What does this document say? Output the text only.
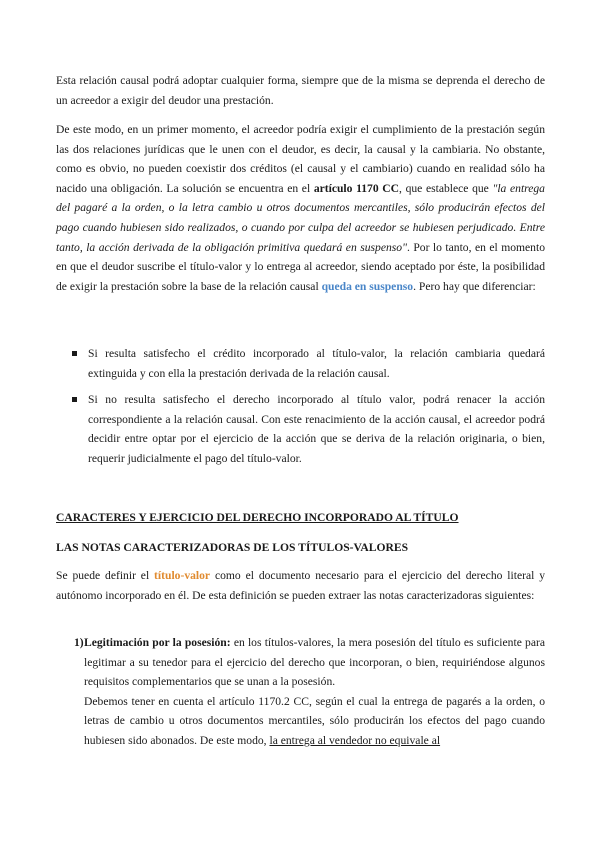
Esta relación causal podrá adoptar cualquier forma, siempre que de la misma se deprenda el derecho de un acreedor a exigir del deudor una prestación.

De este modo, en un primer momento, el acreedor podría exigir el cumplimiento de la prestación según las dos relaciones jurídicas que le unen con el deudor, es decir, la causal y la cambiaria. No obstante, como es obvio, no pueden coexistir dos créditos (el causal y el cambiario) cuando en realidad sólo ha nacido una obligación. La solución se encuentra en el artículo 1170 CC, que establece que "la entrega del pagaré a la orden, o la letra cambio u otros documentos mercantiles, sólo producirán efectos del pago cuando hubiesen sido realizados, o cuando por culpa del acreedor se hubiesen perjudicado. Entre tanto, la acción derivada de la obligación primitiva quedará en suspenso". Por lo tanto, en el momento en que el deudor suscribe el título-valor y lo entrega al acreedor, siendo aceptado por éste, la posibilidad de exigir la prestación sobre la base de la relación causal queda en suspenso. Pero hay que diferenciar:

Si resulta satisfecho el crédito incorporado al título-valor, la relación cambiaria quedará extinguida y con ella la prestación derivada de la relación causal.
Si no resulta satisfecho el derecho incorporado al título valor, podrá renacer la acción correspondiente a la relación causal. Con este renacimiento de la acción causal, el acreedor podrá decidir entre optar por el ejercicio de la acción que se deriva de la relación originaria, o bien, requerir judicialmente el pago del título-valor.
CARACTERES Y EJERCICIO DEL DERECHO INCORPORADO AL TÍTULO
LAS NOTAS CARACTERIZADORAS DE LOS TÍTULOS-VALORES

Se puede definir el título-valor como el documento necesario para el ejercicio del derecho literal y autónomo incorporado en él. De esta definición se pueden extraer las notas caracterizadoras siguientes:

1) Legitimación por la posesión: en los títulos-valores, la mera posesión del título es suficiente para legitimar a su tenedor para el ejercicio del derecho que incorporan, o bien, requiriéndose algunos requisitos complementarios que se unan a la posesión.
Debemos tener en cuenta el artículo 1170.2 CC, según el cual la entrega de pagarés a la orden, o letras de cambio u otros documentos mercantiles, sólo producirán los efectos del pago cuando hubiesen sido abonados. De este modo, la entrega al vendedor no equivale al
